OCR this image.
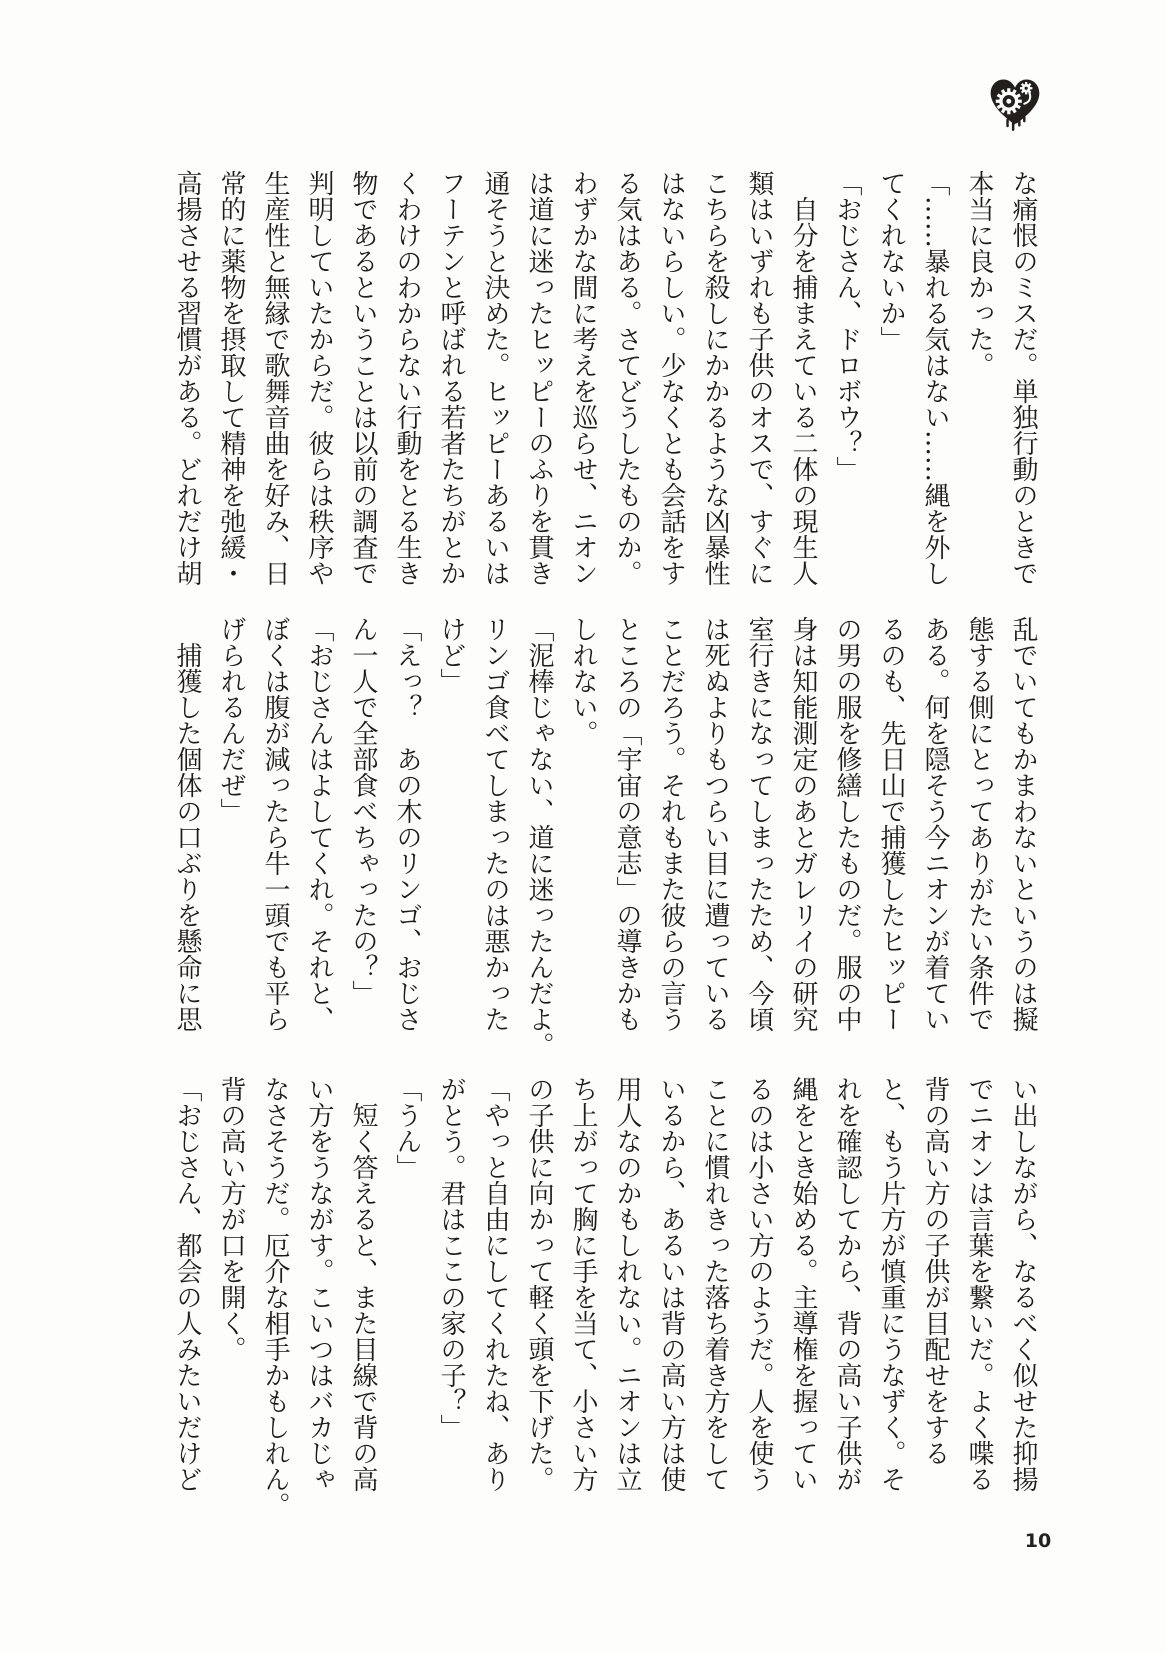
な痛恨のミスだ。単独行動のときで
本当に良かった。
「……暴れる気はない……縄を外し
てくれないか」
「おじさん、ドロボウ？」
　自分を捕まえている二体の現生人
類はいずれも子供のオスで、すぐに
こちらを殺しにかかるような凶暴性
はないらしい。少なくとも会話をす
る気はある。さてどうしたものか。
わずかな間に考えを巡らせ、ニオン
は道に迷ったヒッピーのふりを貫き
通そうと決めた。ヒッピーあるいは
フーテンと呼ばれる若者たちがとか
くわけのわからない行動をとる生き
物であるということは以前の調査で
判明していたからだ。彼らは秩序や
生産性と無縁で歌舞音曲を好み、日
常的に薬物を摂取して精神を弛緩・
高揚させる習慣がある。どれだけ胡
乱でいてもかまわないというのは擬
態する側にとってありがたい条件で
ある。何を隠そう今ニオンが着てい
るのも、先日山で捕獲したヒッピー
の男の服を修繕したものだ。服の中
身は知能測定のあとガレリイの研究
室行きになってしまったため、今頃
は死ぬよりもつらい目に遭っている
ことだろう。それもまた彼らの言う
ところの「宇宙の意志」の導きかも
しれない。
「泥棒じゃない、道に迷ったんだよ。
リンゴ食べてしまったのは悪かった
けど」
「えっ？　あの木のリンゴ、おじさ
ん一人で全部食べちゃったの？」
「おじさんはよしてくれ。それと、
ぼくは腹が減ったら牛一頭でも平ら
げられるんだぜ」
　捕獲した個体の口ぶりを懸命に思
い出しながら、なるべく似せた抑揚
でニオンは言葉を繋いだ。よく喋る
背の高い方の子供が目配せをする
と、もう片方が慎重にうなずく。そ
れを確認してから、背の高い子供が
縄をとき始める。主導権を握ってい
るのは小さい方のようだ。人を使う
ことに慣れきった落ち着き方をして
いるから、あるいは背の高い方は使
用人なのかもしれない。ニオンは立
ち上がって胸に手を当て、小さい方
の子供に向かって軽く頭を下げた。
「やっと自由にしてくれたね、あり
がとう。君はここの家の子？」
「うん」
　短く答えると、また目線で背の高
い方をうながす。こいつはバカじゃ
なさそうだ。厄介な相手かもしれん。
背の高い方が口を開く。
「おじさん、都会の人みたいだけど
10
